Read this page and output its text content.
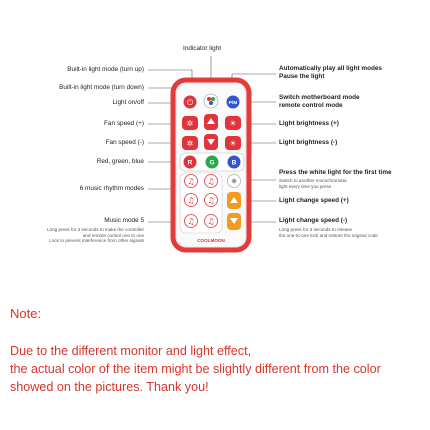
⏻	P/M
✲	☀
✲	☀
R	G	B
♫ ♫
♫ ♫
♫ ♫
✺
COOLMOON
Indicator light
Built-in light mode (turn up)
Built-in light mode (turn down)
Light on/off
Fan speed (+)
Fan speed (-)
Red, green, blue
6 music rhythm modes
Music mode 5
Long press for 3 seconds to make the controller
and remote control one to one
Lock to prevent interference from other signals
Automatically play all light modes
Pause the light
Switch motherboard mode
remote control mode
Light brightness (+)
Light brightness (-)
Press the white light for the first time
Switch to another monochromatic
light every time you press
Light change speed (+)
Light change speed (-)
Long press for 3 seconds to release
the one-to-one lock and restore the original code
Note:
Due to the different monitor and light effect,
the actual color of the item might be slightly different from the color
showed on the pictures. Thank you!
